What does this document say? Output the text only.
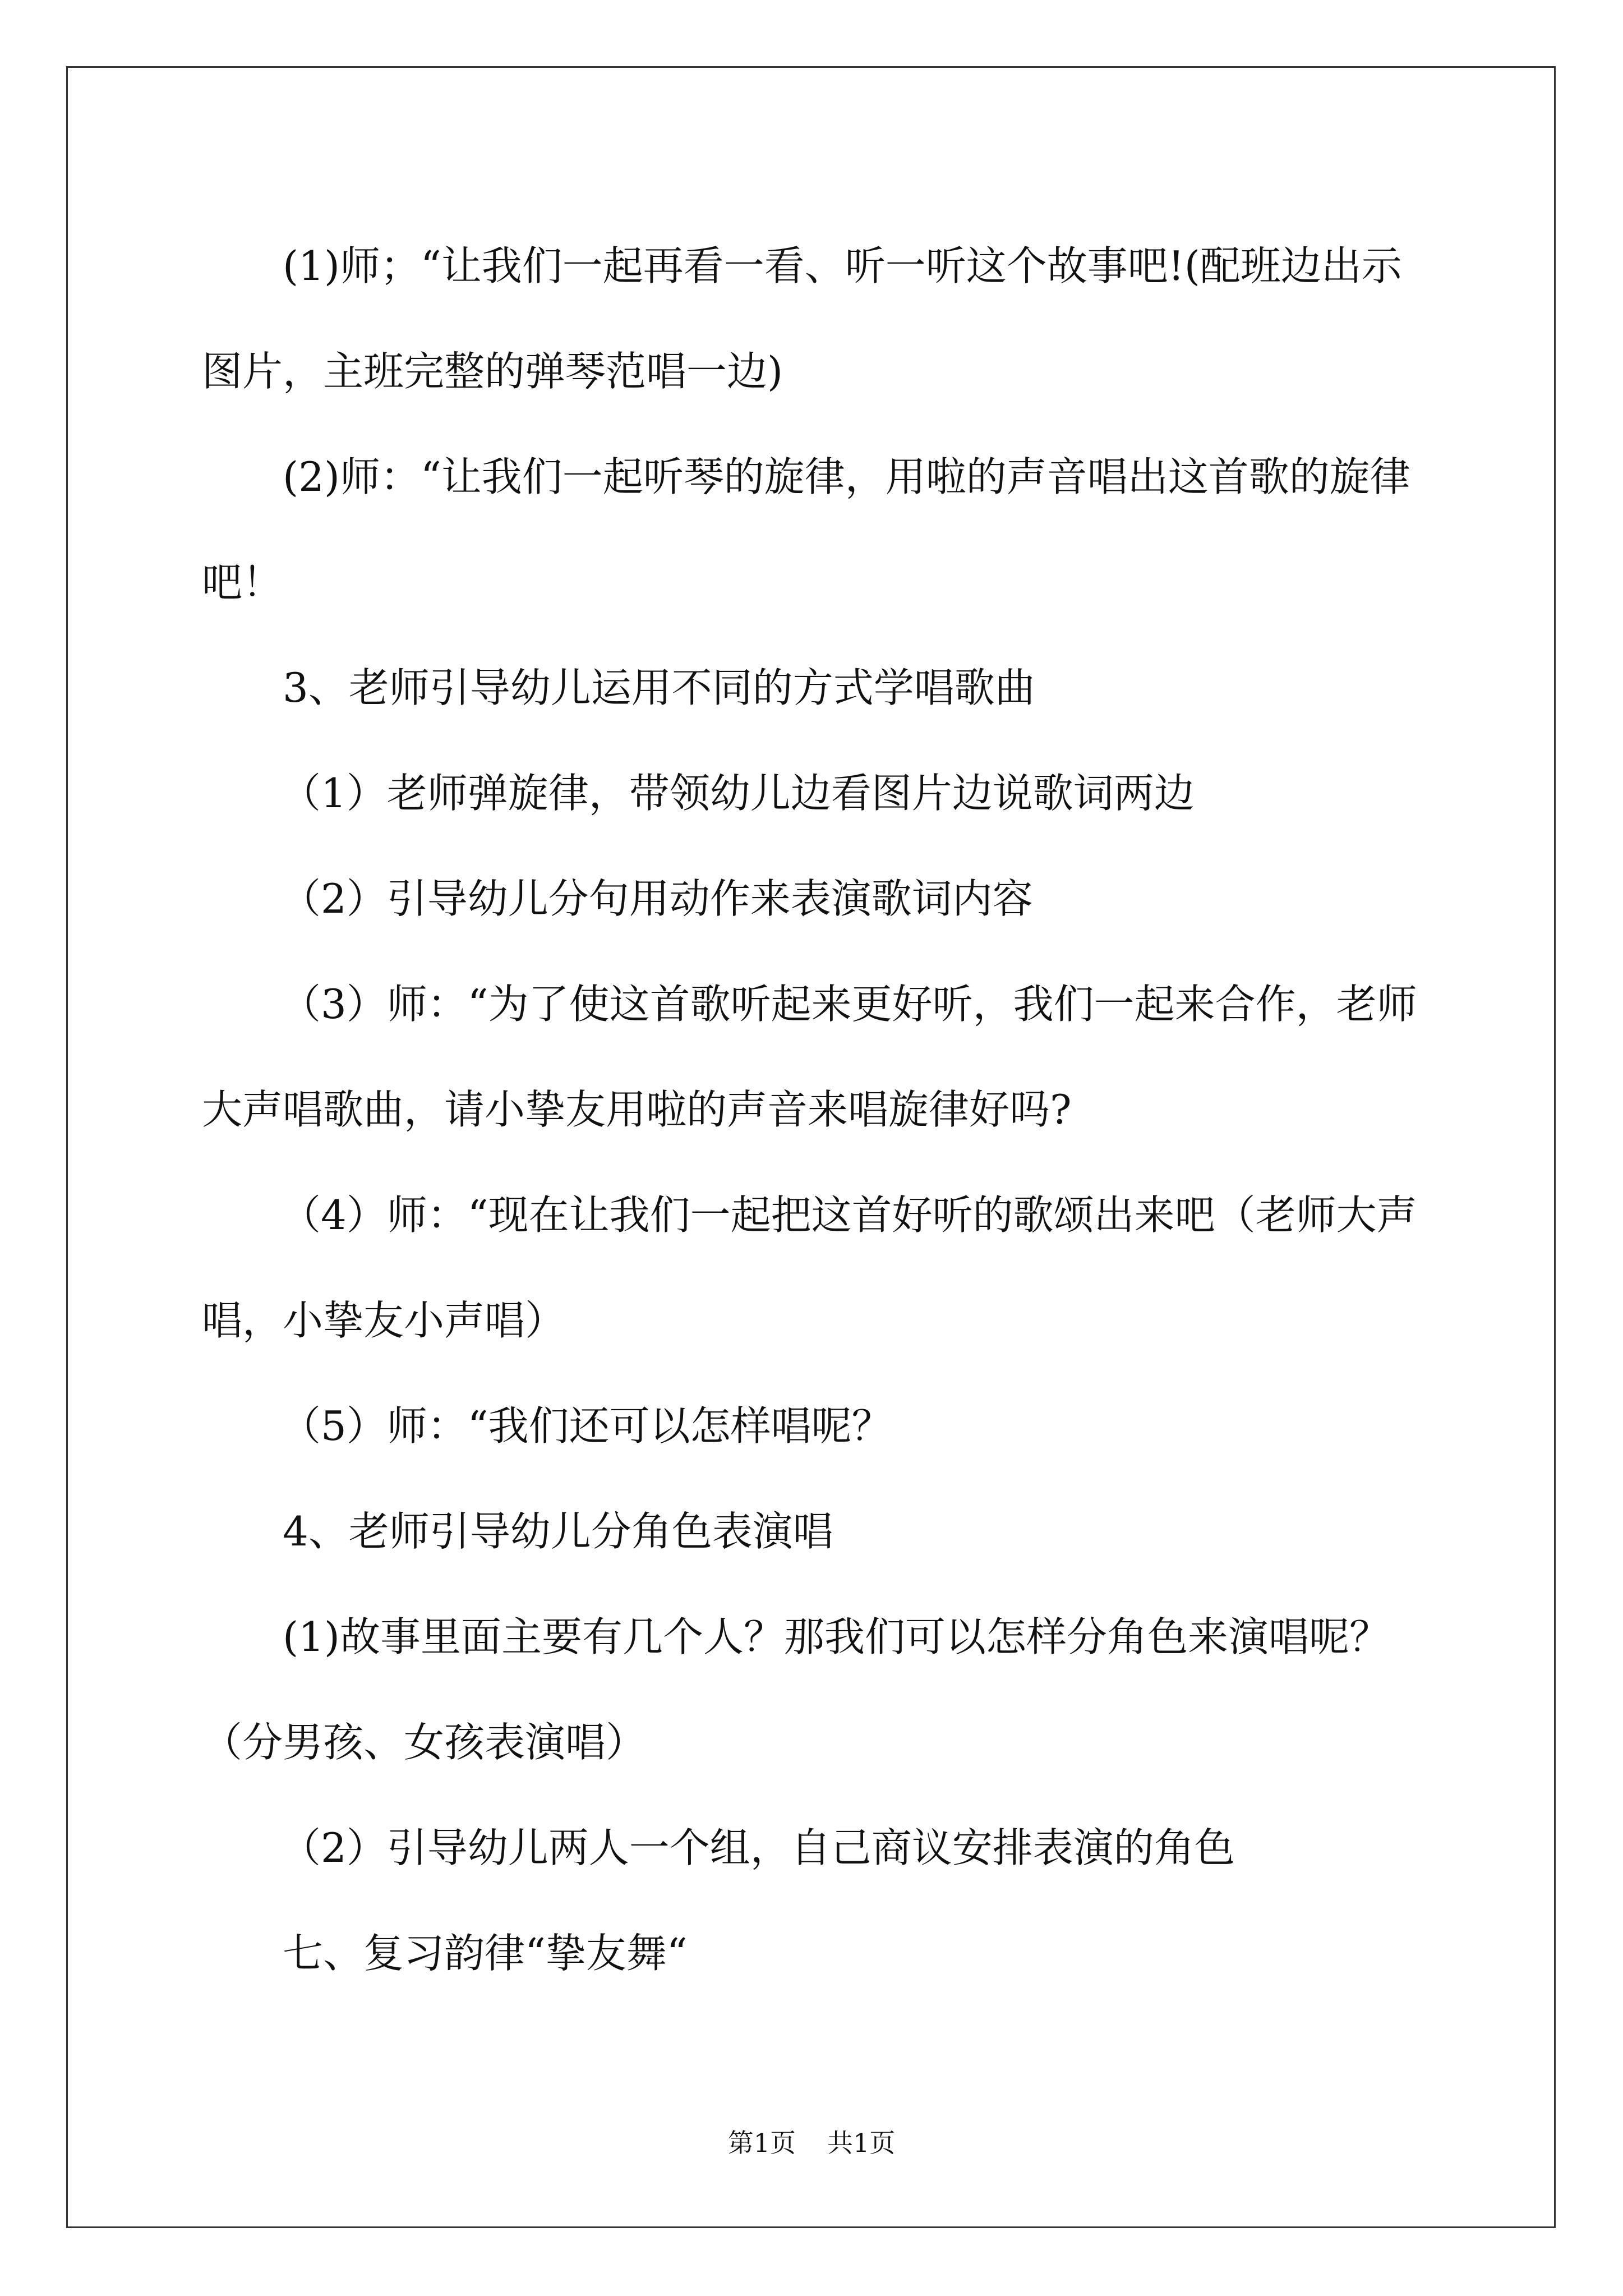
(1)师；“让我们一起再看一看、听一听这个故事吧!(配班边出示
图片，主班完整的弹琴范唱一边)

(2)师：“让我们一起听琴的旋律，用啦的声音唱出这首歌的旋律
吧！

3、老师引导幼儿运用不同的方式学唱歌曲

（1）老师弹旋律，带领幼儿边看图片边说歌词两边

（2）引导幼儿分句用动作来表演歌词内容

（3）师：“为了使这首歌听起来更好听，我们一起来合作，老师
大声唱歌曲，请小挚友用啦的声音来唱旋律好吗?

（4）师：“现在让我们一起把这首好听的歌颂出来吧（老师大声
唱，小挚友小声唱）

（5）师：“我们还可以怎样唱呢？

4、老师引导幼儿分角色表演唱

(1)故事里面主要有几个人？那我们可以怎样分角色来演唱呢？
（分男孩、女孩表演唱）

（2）引导幼儿两人一个组，自己商议安排表演的角色

七、复习韵律“挚友舞“

第1页 共1页
